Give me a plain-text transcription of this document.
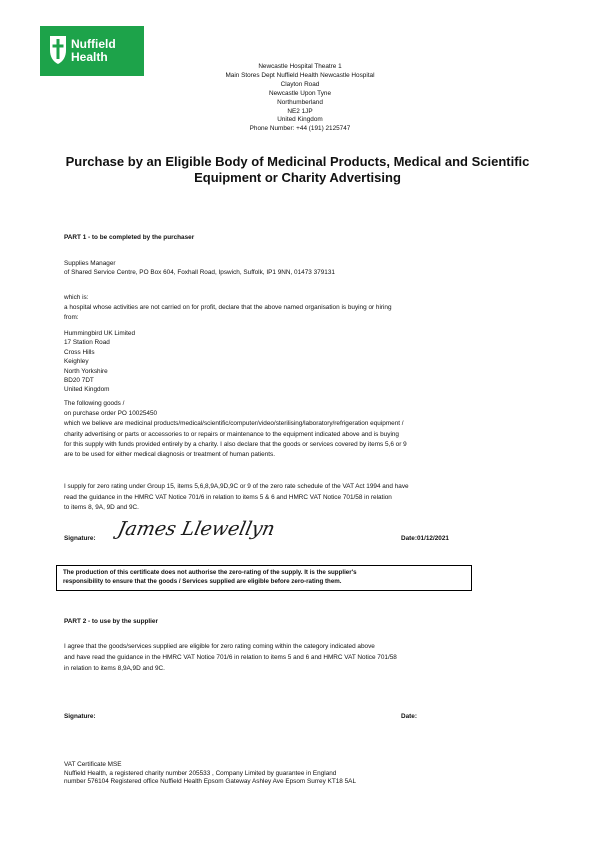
Nuffield
Health
Newcastle Hospital Theatre 1
Main Stores Dept Nuffield Health Newcastle Hospital
Clayton Road
Newcastle Upon Tyne
Northumberland
NE2 1JP
United Kingdom
Phone Number: +44 (191) 2125747
Purchase by an Eligible Body of Medicinal Products, Medical and Scientific Equipment or Charity Advertising
PART 1 - to be completed by the purchaser
Supplies Manager
of Shared Service Centre, PO Box 604, Foxhall Road, Ipswich, Suffolk, IP1 9NN, 01473 379131
which is:
a hospital whose activities are not carried on for profit, declare that the above named organisation is buying or hiring
from:
Hummingbird UK Limited
17 Station Road
Cross Hills
Keighley
North Yorkshire
BD20 7DT
United Kingdom
The following goods /
on purchase order PO 10025450
which we believe are medicinal products/medical/scientific/computer/video/sterilising/laboratory/refrigeration equipment /
charity advertising or parts or accessories to or repairs or maintenance to the equipment indicated above and is buying
for this supply with funds provided entirely by a charity. I also declare that the goods or services covered by items 5,6 or 9
are to be used for either medical diagnosis or treatment of human patients.
I supply for zero rating under Group 15, items 5,6,8,9A,9D,9C or 9 of the zero rate schedule of the VAT Act 1994 and have
read the guidance in the HMRC VAT Notice 701/6 in relation to items 5 & 6 and HMRC VAT Notice 701/58 in relation
to items 8, 9A, 9D and 9C.
Signature: James Llewellyn	Date:01/12/2021
The production of this certificate does not authorise the zero-rating of the supply. It is the supplier's
responsibility to ensure that the goods / Services supplied are eligible before zero-rating them.
PART 2 - to use by the supplier
I agree that the goods/services supplied are eligible for zero rating coming within the category indicated above
and have read the guidance in the HMRC VAT Notice 701/6 in relation to items 5 and 6 and HMRC VAT Notice 701/58
in relation to items 8,9A,9D and 9C.
Signature:	Date:
VAT Certificate MSE
Nuffield Health, a registered charity number 205533 , Company Limited by guarantee in England
number 576104 Registered office Nuffield Health Epsom Gateway Ashley Ave Epsom Surrey KT18 5AL
